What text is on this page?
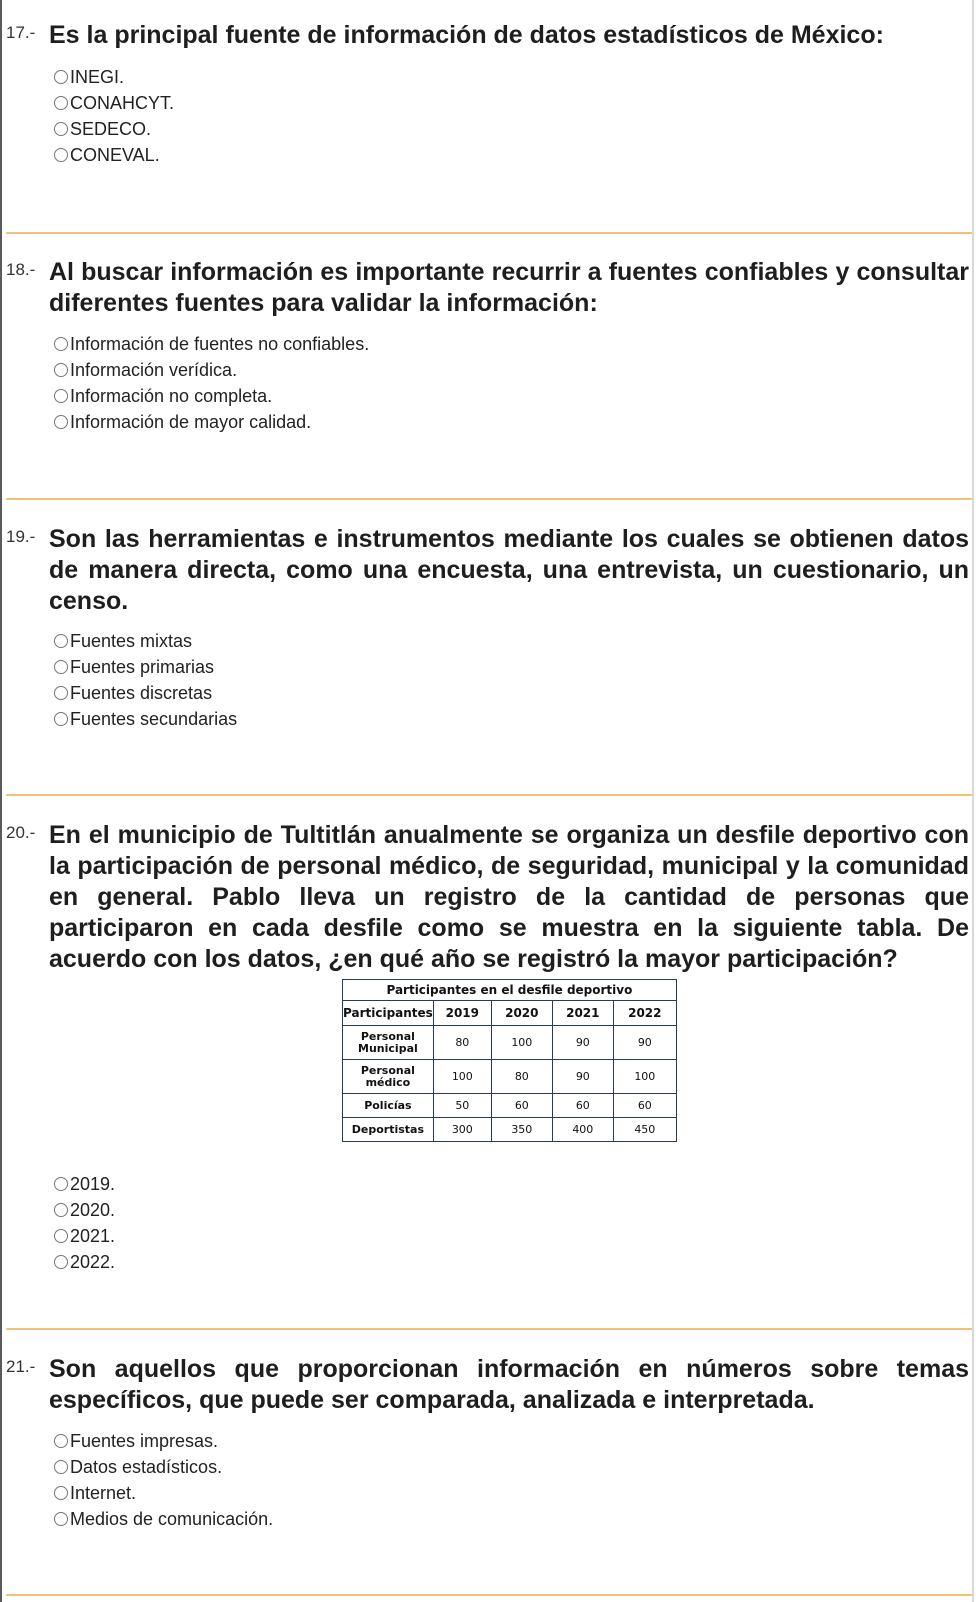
17.- Es la principal fuente de información de datos estadísticos de México:

INEGI.
CONAHCYT.
SEDECO.
CONEVAL.
18.- Al buscar información es importante recurrir a fuentes confiables y consultar diferentes fuentes para validar la información:

Información de fuentes no confiables.
Información verídica.
Información no completa.
Información de mayor calidad.
19.- Son las herramientas e instrumentos mediante los cuales se obtienen datos de manera directa, como una encuesta, una entrevista, un cuestionario, un censo.

Fuentes mixtas
Fuentes primarias
Fuentes discretas
Fuentes secundarias
20.- En el municipio de Tultitlán anualmente se organiza un desfile deportivo con la participación de personal médico, de seguridad, municipal y la comunidad en general. Pablo lleva un registro de la cantidad de personas que participaron en cada desfile como se muestra en la siguiente tabla. De acuerdo con los datos, ¿en qué año se registró la mayor participación?

2019.
2020.
2021.
2022.
Participantes en el desfile deportivo				
Participantes	2019	2020	2021	2022
Personal
Municipal	80	100	90	90
Personal
médico	100	80	90	100
Policías	50	60	60	60
Deportistas	300	350	400	450
21.- Son aquellos que proporcionan información en números sobre temas específicos, que puede ser comparada, analizada e interpretada.

Fuentes impresas.
Datos estadísticos.
Internet.
Medios de comunicación.
